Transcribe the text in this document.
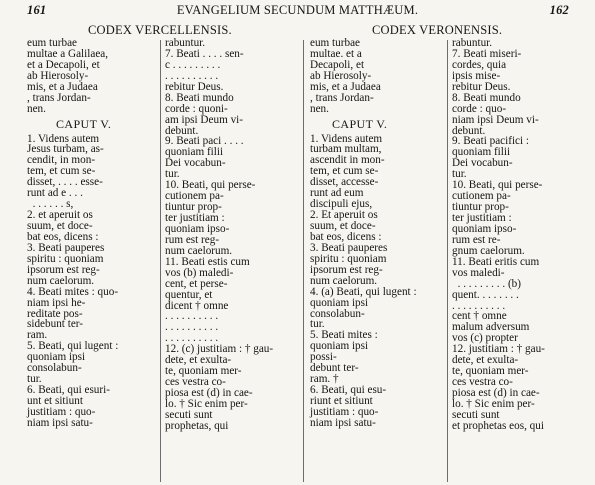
161	EVANGELIUM SECUNDUM MATTHÆUM.	162
CODEX VERCELLENSIS.	CODEX VERONENSIS.
eum turbae
multae a Galilaea,
et a Decapoli, et
ab Hierosoly-
mis, et a Judaea
, trans Jordan-
nen.
CAPUT V.
1. Videns autem
Jesus turbam, as-
cendit, in mon-
tem, et cum se-
disset, . . . . esse-
runt ad e . . .
. . . . . . s,
2. et aperuit os
suum, et doce-
bat eos, dicens :
3. Beati pauperes
spiritu : quoniam
ipsorum est reg-
num caelorum.
4. Beati mites : quo-
niam ipsi he-
reditate pos-
sidebunt ter-
ram.
5. Beati, qui lugent :
quoniam ipsi
consolabun-
tur.
6. Beati, qui esuri-
unt et sitiunt
justitiam : quo-
niam ipsi satu-
rabuntur.
7. Beati . . . . sen-
c . . . . . . . . .
. . . . . . . . . .
rebitur Deus.
8. Beati mundo
corde : quoni-
am ipsi Deum vi-
debunt.
9. Beati paci . . . .
quoniam filii
Dei vocabun-
tur.
10. Beati, qui perse-
cutionem pa-
tiuntur prop-
ter justitiam :
quoniam ipso-
rum est reg-
num caelorum.
11. Beati estis cum
vos (b) maledi-
cent, et perse-
quentur, et
dicent † omne
. . . . . . . . . .
. . . . . . . . . .
. . . . . . . . . .
12. (c) justitiam : † gau-
dete, et exulta-
te, quoniam mer-
ces vestra co-
piosa est (d) in cae-
lo. † Sic enim per-
secuti sunt
prophetas, qui
eum turbae
multae. et a
Decapoli, et
ab Hierosoly-
mis, et a Judaea
, trans Jordan-
nen.
CAPUT V.
1. Videns autem
turbam multam,
ascendit in mon-
tem, et cum se-
disset, accesse-
runt ad eum
discipuli ejus,
2. Et aperuit os
suum, et doce-
bat eos, dicens :
3. Beati pauperes
spiritu : quoniam
ipsorum est reg-
num caelorum.
4. (a) Beati, qui lugent :
quoniam ipsi
consolabun-
tur.
5. Beati mites :
quoniam ipsi
possi-
debunt ter-
ram. †
6. Beati, qui esu-
riunt et sitiunt
justitiam : quo-
niam ipsi satu-
rabuntur.
7. Beati miseri-
cordes, quia
ipsis mise-
rebitur Deus.
8. Beati mundo
corde : quo-
niam ipsi Deum vi-
debunt.
9. Beati pacifici :
quoniam filii
Dei vocabun-
tur.
10. Beati, qui perse-
cutionem pa-
tiuntur prop-
ter justitiam :
quoniam ipso-
rum est re-
gnum caelorum.
11. Beati eritis cum
vos maledi-
. . . . . . . . . (b)
quent. . . . . . . .
. . . . . . . . . .
cent † omne
malum adversum
vos (c) propter
12. justitiam : † gau-
dete, et exulta-
te, quoniam mer-
ces vestra co-
piosa est (d) in cae-
lo. † Sic enim per-
secuti sunt
et prophetas eos, qui
